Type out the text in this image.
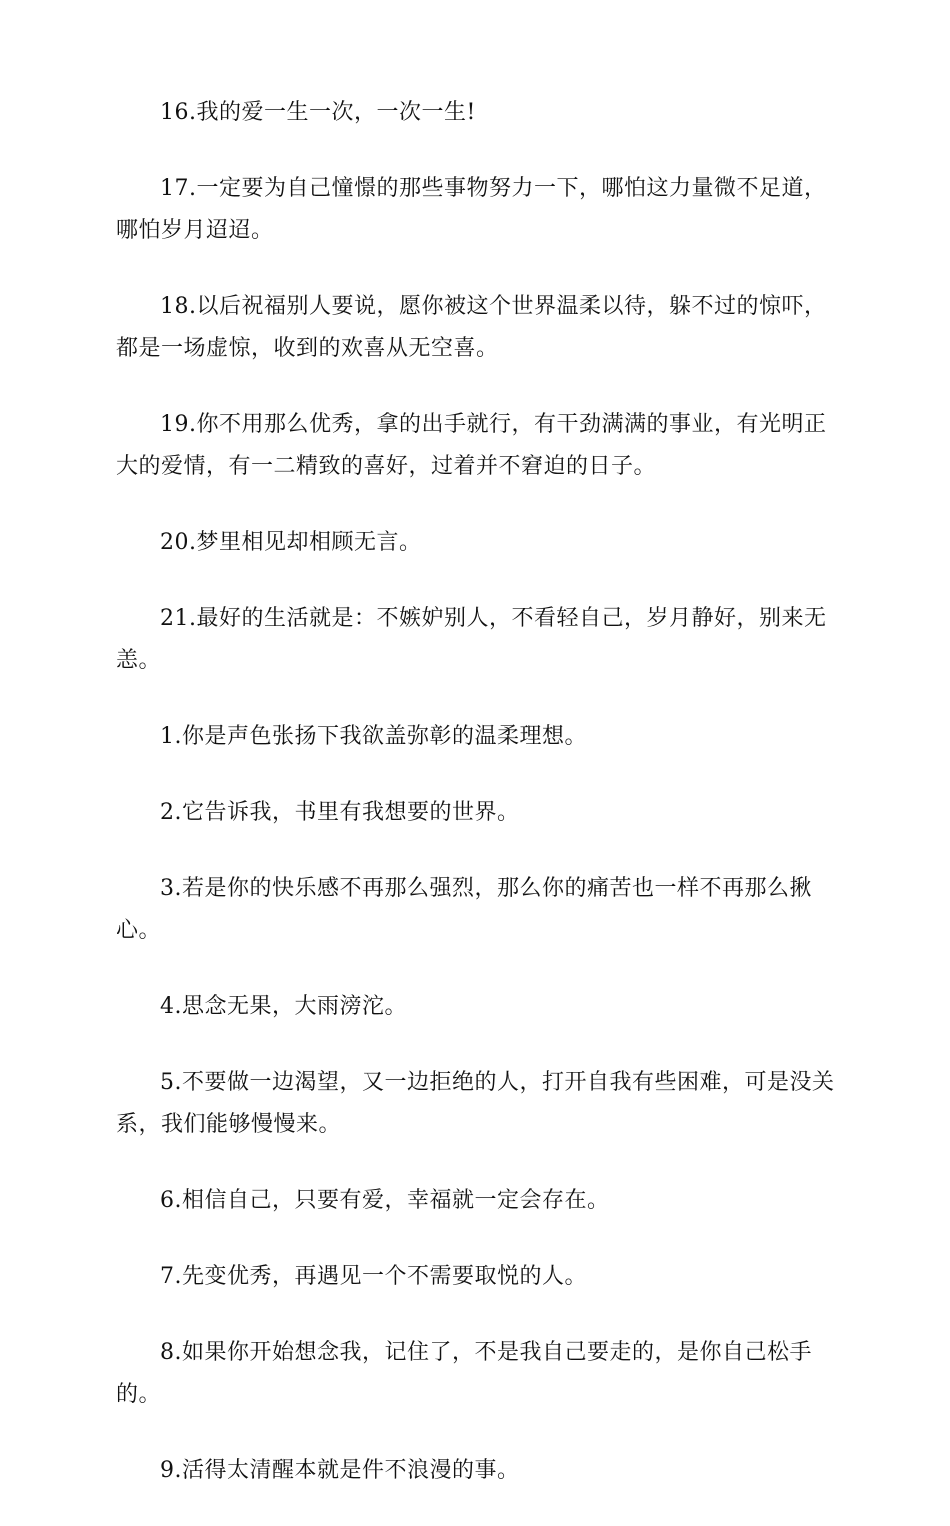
16.我的爱一生一次，一次一生!

17.一定要为自己憧憬的那些事物努力一下，哪怕这力量微不足道，哪怕岁月迢迢。

18.以后祝福别人要说，愿你被这个世界温柔以待，躲不过的惊吓，都是一场虚惊，收到的欢喜从无空喜。

19.你不用那么优秀，拿的出手就行，有干劲满满的事业，有光明正大的爱情，有一二精致的喜好，过着并不窘迫的日子。

20.梦里相见却相顾无言。

21.最好的生活就是：不嫉妒别人，不看轻自己，岁月静好，别来无恙。

1.你是声色张扬下我欲盖弥彰的温柔理想。

2.它告诉我，书里有我想要的世界。

3.若是你的快乐感不再那么强烈，那么你的痛苦也一样不再那么揪心。

4.思念无果，大雨滂沱。

5.不要做一边渴望，又一边拒绝的人，打开自我有些困难，可是没关系，我们能够慢慢来。

6.相信自己，只要有爱，幸福就一定会存在。

7.先变优秀，再遇见一个不需要取悦的人。

8.如果你开始想念我，记住了，不是我自己要走的，是你自己松手的。

9.活得太清醒本就是件不浪漫的事。
